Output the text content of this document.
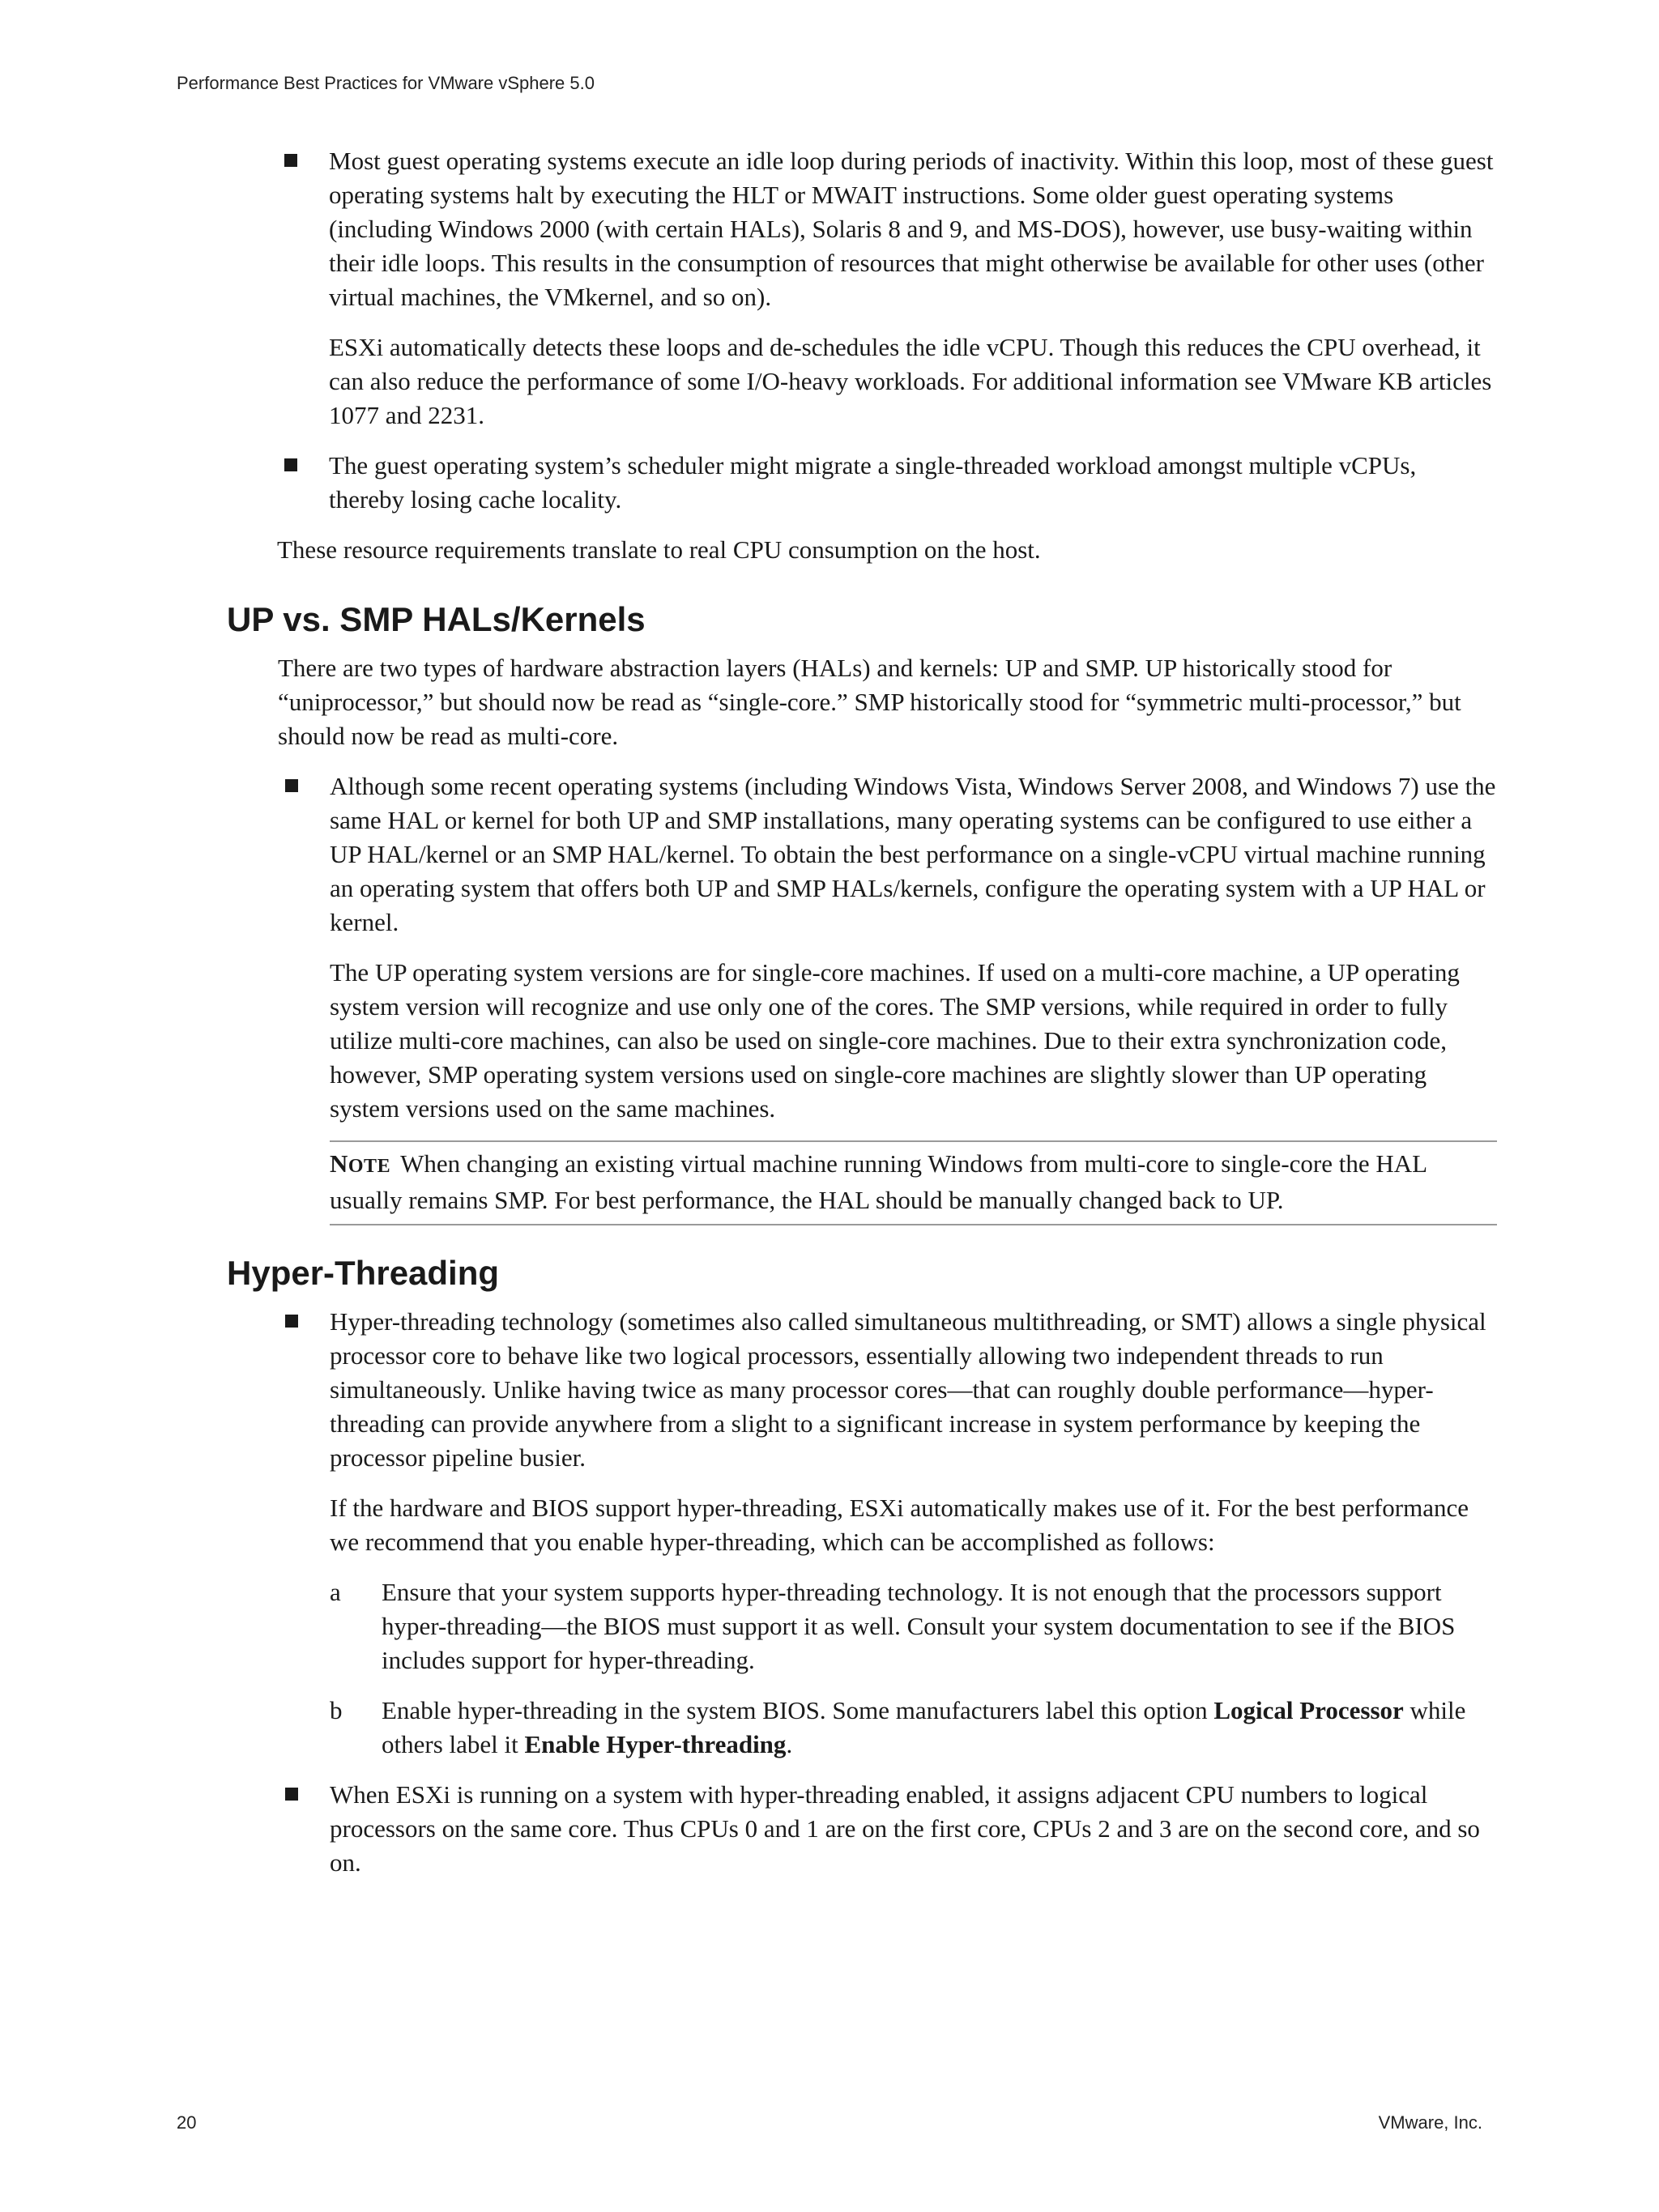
Performance Best Practices for VMware vSphere 5.0

Most guest operating systems execute an idle loop during periods of inactivity. Within this loop, most of these guest operating systems halt by executing the HLT or MWAIT instructions. Some older guest operating systems (including Windows 2000 (with certain HALs), Solaris 8 and 9, and MS-DOS), however, use busy-waiting within their idle loops. This results in the consumption of resources that might otherwise be available for other uses (other virtual machines, the VMkernel, and so on).

ESXi automatically detects these loops and de-schedules the idle vCPU. Though this reduces the CPU overhead, it can also reduce the performance of some I/O-heavy workloads. For additional information see VMware KB articles 1077 and 2231.

The guest operating system’s scheduler might migrate a single-threaded workload amongst multiple vCPUs, thereby losing cache locality.

These resource requirements translate to real CPU consumption on the host.

UP vs. SMP HALs/Kernels

There are two types of hardware abstraction layers (HALs) and kernels: UP and SMP. UP historically stood for “uniprocessor,” but should now be read as “single-core.” SMP historically stood for “symmetric multi-processor,” but should now be read as multi-core.

Although some recent operating systems (including Windows Vista, Windows Server 2008, and Windows 7) use the same HAL or kernel for both UP and SMP installations, many operating systems can be configured to use either a UP HAL/kernel or an SMP HAL/kernel. To obtain the best performance on a single-vCPU virtual machine running an operating system that offers both UP and SMP HALs/kernels, configure the operating system with a UP HAL or kernel.

The UP operating system versions are for single-core machines. If used on a multi-core machine, a UP operating system version will recognize and use only one of the cores. The SMP versions, while required in order to fully utilize multi-core machines, can also be used on single-core machines. Due to their extra synchronization code, however, SMP operating system versions used on single-core machines are slightly slower than UP operating system versions used on the same machines.

NOTE When changing an existing virtual machine running Windows from multi-core to single-core the HAL usually remains SMP. For best performance, the HAL should be manually changed back to UP.
Hyper-Threading

Hyper-threading technology (sometimes also called simultaneous multithreading, or SMT) allows a single physical processor core to behave like two logical processors, essentially allowing two independent threads to run simultaneously. Unlike having twice as many processor cores—that can roughly double performance—hyper-threading can provide anywhere from a slight to a significant increase in system performance by keeping the processor pipeline busier.

If the hardware and BIOS support hyper-threading, ESXi automatically makes use of it. For the best performance we recommend that you enable hyper-threading, which can be accomplished as follows:

a Ensure that your system supports hyper-threading technology. It is not enough that the processors support hyper-threading—the BIOS must support it as well. Consult your system documentation to see if the BIOS includes support for hyper-threading.

b Enable hyper-threading in the system BIOS. Some manufacturers label this option Logical Processor while others label it Enable Hyper-threading.

When ESXi is running on a system with hyper-threading enabled, it assigns adjacent CPU numbers to logical processors on the same core. Thus CPUs 0 and 1 are on the first core, CPUs 2 and 3 are on the second core, and so on.

20	VMware, Inc.
